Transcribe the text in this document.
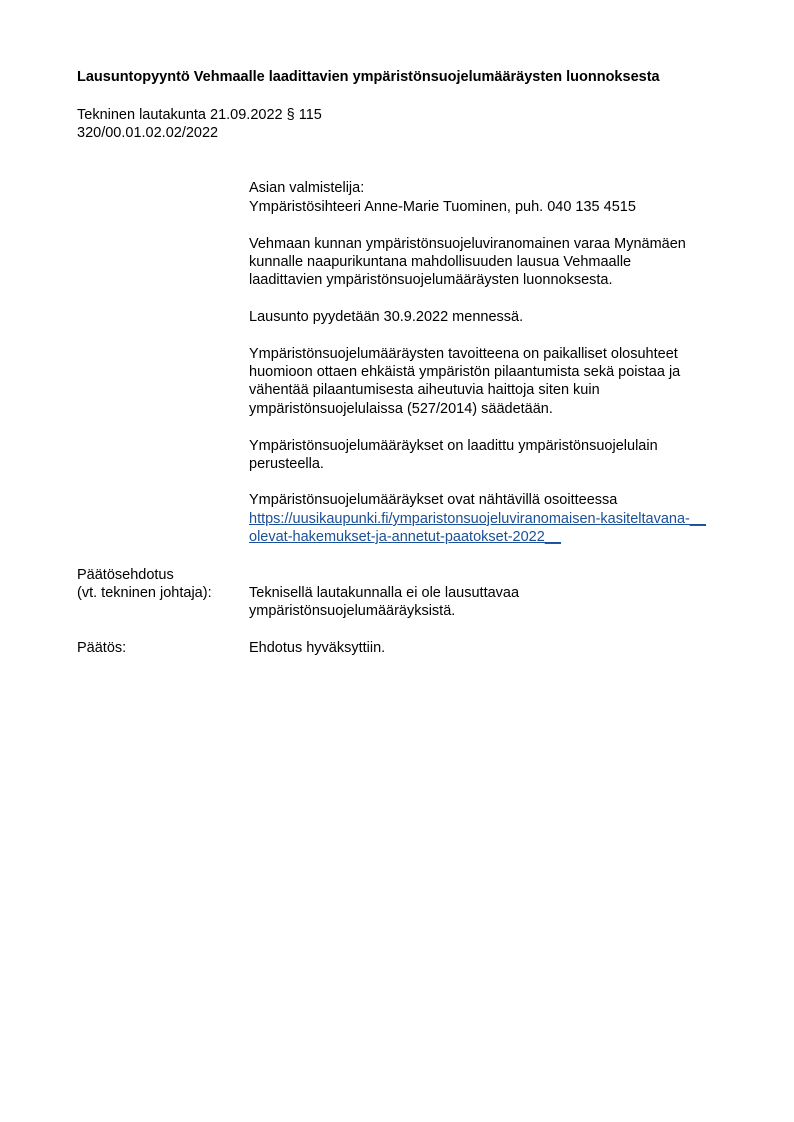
Lausuntopyyntö Vehmaalle laadittavien ympäristönsuojelumääräysten luonnoksesta
Tekninen lautakunta 21.09.2022 § 115
320/00.01.02.02/2022
Asian valmistelija:
Ympäristösihteeri Anne-Marie Tuominen, puh. 040 135 4515
Vehmaan kunnan ympäristönsuojeluviranomainen varaa Mynämäen
kunnalle naapurikuntana mahdollisuuden lausua Vehmaalle
laadittavien ympäristönsuojelumääräysten luonnoksesta.
Lausunto pyydetään 30.9.2022 mennessä.
Ympäristönsuojelumääräysten tavoitteena on paikalliset olosuhteet
huomioon ottaen ehkäistä ympäristön pilaantumista sekä poistaa ja
vähentää pilaantumisesta aiheutuvia haittoja siten kuin
ympäristönsuojelulaissa (527/2014) säädetään.
Ympäristönsuojelumääräykset on laadittu ympäristönsuojelulain
perusteella.
Ympäristönsuojelumääräykset ovat nähtävillä osoitteessa
https://uusikaupunki.fi/ymparistonsuojeluviranomaisen-kasiteltavana-__
olevat-hakemukset-ja-annetut-paatokset-2022__
Päätösehdotus
(vt. tekninen johtaja):	Teknisellä lautakunnalla ei ole lausuttavaa
ympäristönsuojelumääräyksistä.
Päätös:	Ehdotus hyväksyttiin.
